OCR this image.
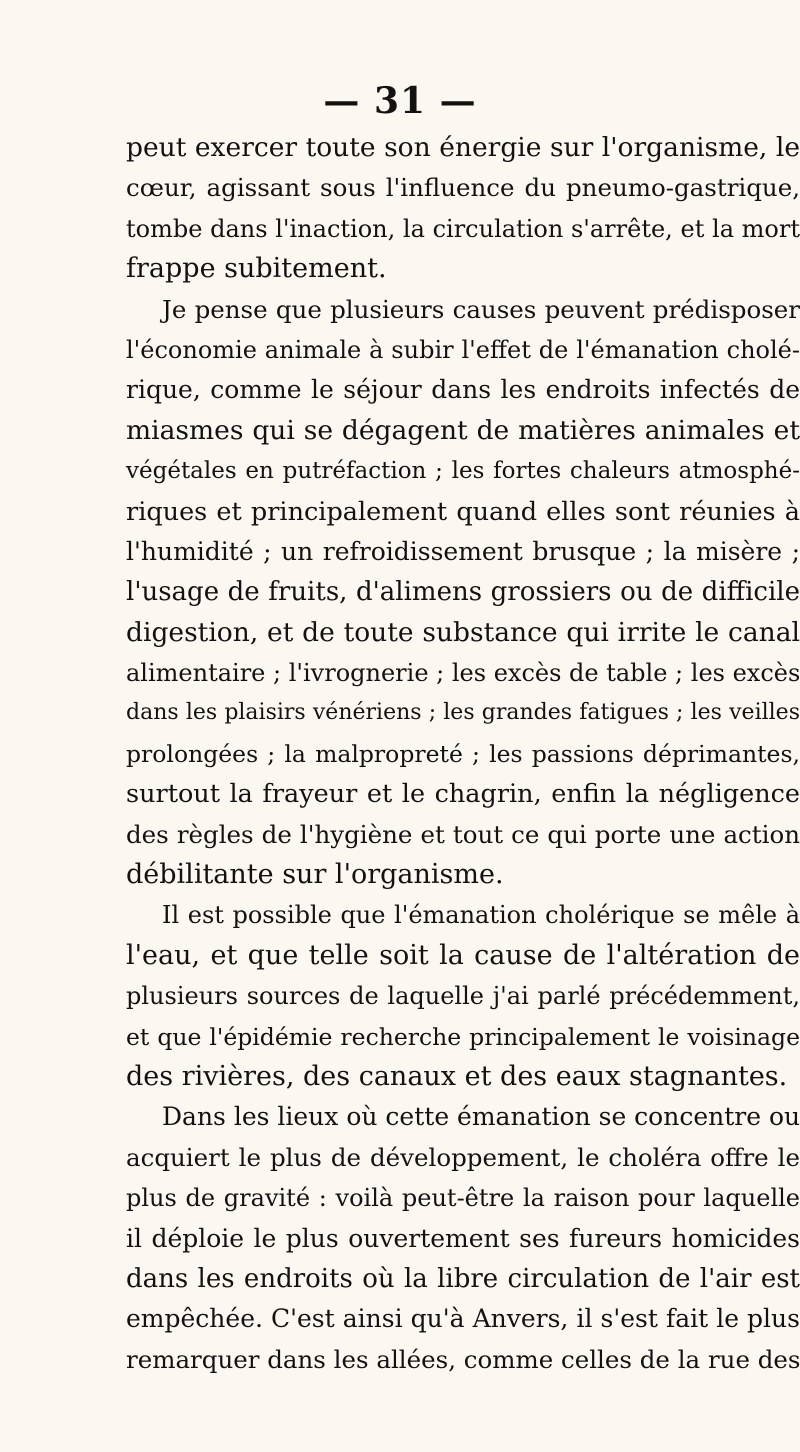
— 31 —
peut exercer toute son énergie sur l'organisme, le
cœur, agissant sous l'influence du pneumo-gastrique,
tombe dans l'inaction, la circulation s'arrête, et la mort
frappe subitement.
Je pense que plusieurs causes peuvent prédisposer
l'économie animale à subir l'effet de l'émanation cholé-
rique, comme le séjour dans les endroits infectés de
miasmes qui se dégagent de matières animales et
végétales en putréfaction ; les fortes chaleurs atmosphé-
riques et principalement quand elles sont réunies à
l'humidité ; un refroidissement brusque ; la misère ;
l'usage de fruits, d'alimens grossiers ou de difficile
digestion, et de toute substance qui irrite le canal
alimentaire ; l'ivrognerie ; les excès de table ; les excès
dans les plaisirs vénériens ; les grandes fatigues ; les veilles
prolongées ; la malpropreté ; les passions déprimantes,
surtout la frayeur et le chagrin, enfin la négligence
des règles de l'hygiène et tout ce qui porte une action
débilitante sur l'organisme.
Il est possible que l'émanation cholérique se mêle à
l'eau, et que telle soit la cause de l'altération de
plusieurs sources de laquelle j'ai parlé précédemment,
et que l'épidémie recherche principalement le voisinage
des rivières, des canaux et des eaux stagnantes.
Dans les lieux où cette émanation se concentre ou
acquiert le plus de développement, le choléra offre le
plus de gravité : voilà peut-être la raison pour laquelle
il déploie le plus ouvertement ses fureurs homicides
dans les endroits où la libre circulation de l'air est
empêchée. C'est ainsi qu'à Anvers, il s'est fait le plus
remarquer dans les allées, comme celles de la rue des
